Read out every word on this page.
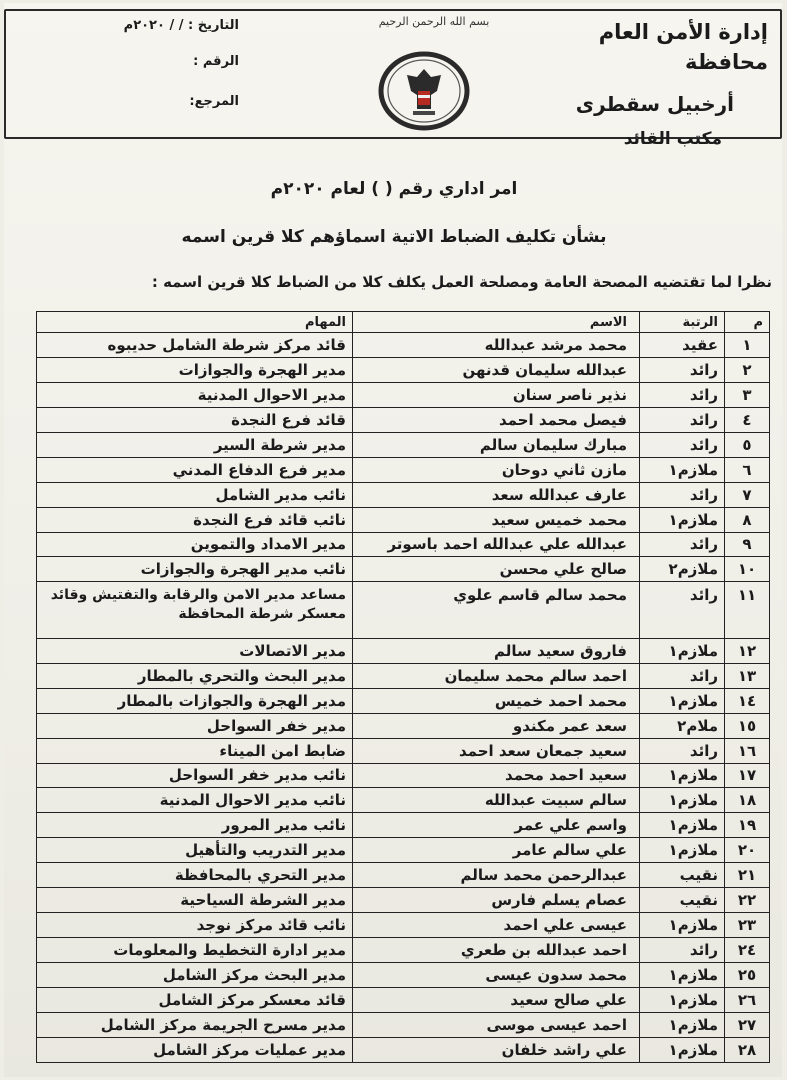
إدارة الأمن العام محافظة
أرخبيل سقطرى
مكتب القائد
بسم الله الرحمن الرحيم
التاريخ : / / ٢٠٢٠م
الرقم :
المرجع:
امر اداري رقم ( ) لعام ٢٠٢٠م
بشأن تكليف الضباط الاتية اسماؤهم كلا قرين اسمه
نظرا لما تقتضيه المصحة العامة ومصلحة العمل يكلف كلا من الضباط كلا قرين اسمه :
م	الرتبة	الاسم	المهام
١	عقيد	محمد مرشد عبدالله	قائد مركز شرطة الشامل حديبوه
٢	رائد	عبدالله سليمان قدنهن	مدير الهجرة والجوازات
٣	رائد	نذير ناصر سنان	مدير الاحوال المدنية
٤	رائد	فيصل محمد احمد	قائد فرع النجدة
٥	رائد	مبارك سليمان سالم	مدير شرطة السير
٦	ملازم١	مازن ثاني دوحان	مدير فرع الدفاع المدني
٧	رائد	عارف عبدالله سعد	نائب مدير الشامل
٨	ملازم١	محمد خميس سعيد	نائب قائد فرع النجدة
٩	رائد	عبدالله علي عبدالله احمد باسوتر	مدير الامداد والتموين
١٠	ملازم٢	صالح علي محسن	نائب مدير الهجرة والجوازات
١١	رائد	محمد سالم قاسم علوي	مساعد مدير الامن والرقابة والتفتيش وقائد معسكر شرطة المحافظة
١٢	ملازم١	فاروق سعيد سالم	مدير الاتصالات
١٣	رائد	احمد سالم محمد سليمان	مدير البحث والتحري بالمطار
١٤	ملازم١	محمد احمد خميس	مدير الهجرة والجوازات بالمطار
١٥	ملام٢	سعد عمر مكندو	مدير خفر السواحل
١٦	رائد	سعيد جمعان سعد احمد	ضابط امن الميناء
١٧	ملازم١	سعيد احمد محمد	نائب مدير خفر السواحل
١٨	ملازم١	سالم سبيت عبدالله	نائب مدير الاحوال المدنية
١٩	ملازم١	واسم علي عمر	نائب مدير المرور
٢٠	ملازم١	علي سالم عامر	مدير التدريب والتأهيل
٢١	نقيب	عبدالرحمن محمد سالم	مدير التحري بالمحافظة
٢٢	نقيب	عصام يسلم فارس	مدير الشرطة السياحية
٢٣	ملازم١	عيسى علي احمد	نائب قائد مركز نوجد
٢٤	رائد	احمد عبدالله بن طعري	مدير ادارة التخطيط والمعلومات
٢٥	ملازم١	محمد سدون عيسى	مدير البحث مركز الشامل
٢٦	ملازم١	علي صالح سعيد	قائد معسكر مركز الشامل
٢٧	ملازم١	احمد عيسى موسى	مدير مسرح الجريمة مركز الشامل
٢٨	ملازم١	علي راشد خلفان	مدير عمليات مركز الشامل
